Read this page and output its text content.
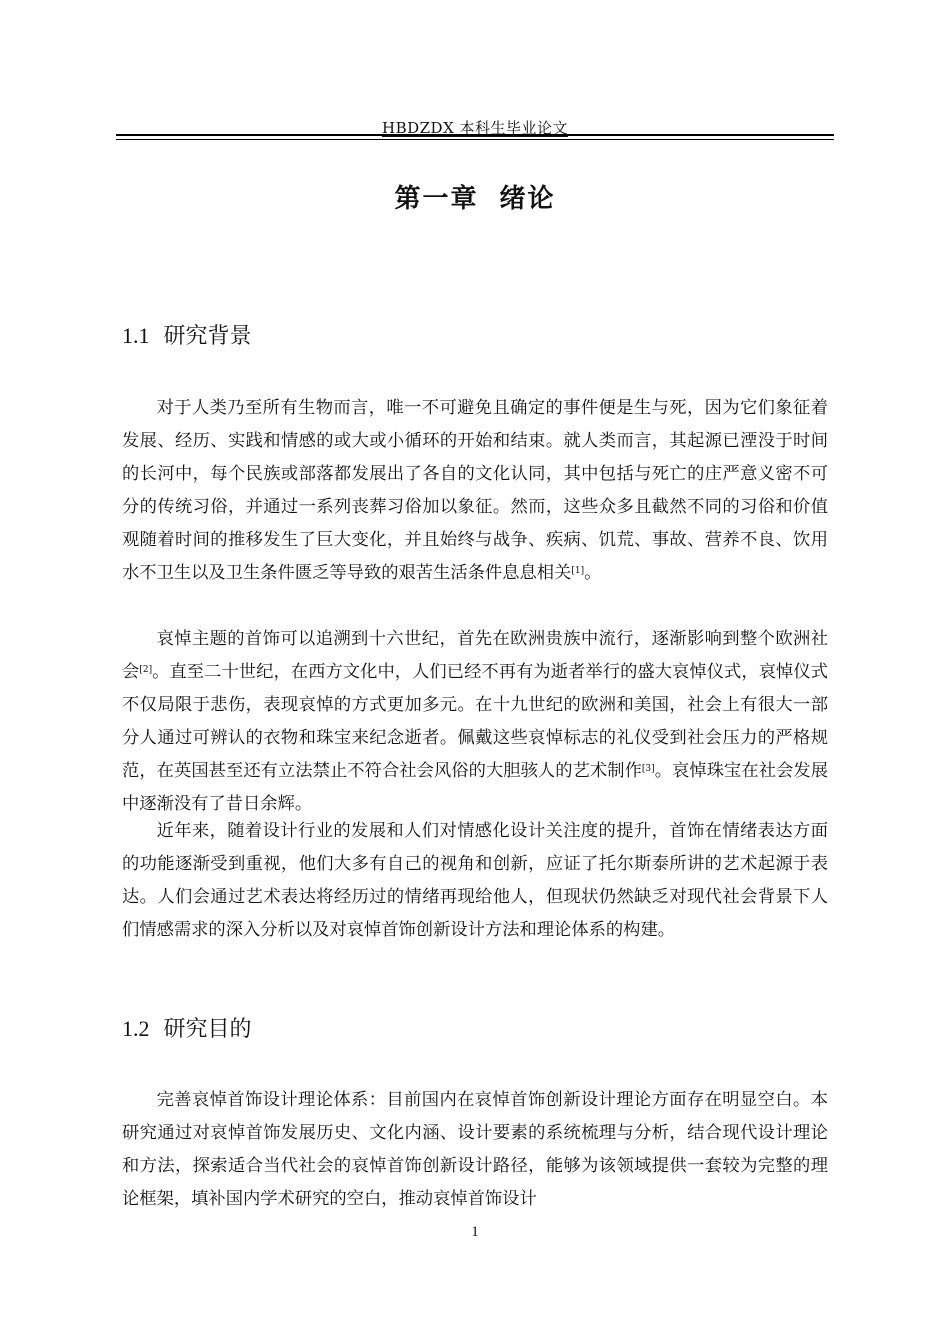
HBDZDX 本科生毕业论文
第一章 绪论
1.1 研究背景

对于人类乃至所有生物而言，唯一不可避免且确定的事件便是生与死，因为它们象征着发展、经历、实践和情感的或大或小循环的开始和结束。就人类而言，其起源已湮没于时间的长河中，每个民族或部落都发展出了各自的文化认同，其中包括与死亡的庄严意义密不可分的传统习俗，并通过一系列丧葬习俗加以象征。然而，这些众多且截然不同的习俗和价值观随着时间的推移发生了巨大变化，并且始终与战争、疾病、饥荒、事故、营养不良、饮用水不卫生以及卫生条件匮乏等导致的艰苦生活条件息息相关[1]。

哀悼主题的首饰可以追溯到十六世纪，首先在欧洲贵族中流行，逐渐影响到整个欧洲社会[2]。直至二十世纪，在西方文化中，人们已经不再有为逝者举行的盛大哀悼仪式，哀悼仪式不仅局限于悲伤，表现哀悼的方式更加多元。在十九世纪的欧洲和美国，社会上有很大一部分人通过可辨认的衣物和珠宝来纪念逝者。佩戴这些哀悼标志的礼仪受到社会压力的严格规范，在英国甚至还有立法禁止不符合社会风俗的大胆骇人的艺术制作[3]。哀悼珠宝在社会发展中逐渐没有了昔日余辉。

近年来，随着设计行业的发展和人们对情感化设计关注度的提升，首饰在情绪表达方面的功能逐渐受到重视，他们大多有自己的视角和创新，应证了托尔斯泰所讲的艺术起源于表达。人们会通过艺术表达将经历过的情绪再现给他人，但现状仍然缺乏对现代社会背景下人们情感需求的深入分析以及对哀悼首饰创新设计方法和理论体系的构建。

1.2 研究目的

完善哀悼首饰设计理论体系：目前国内在哀悼首饰创新设计理论方面存在明显空白。本研究通过对哀悼首饰发展历史、文化内涵、设计要素的系统梳理与分析，结合现代设计理论和方法，探索适合当代社会的哀悼首饰创新设计路径，能够为该领域提供一套较为完整的理论框架，填补国内学术研究的空白，推动哀悼首饰设计

1
